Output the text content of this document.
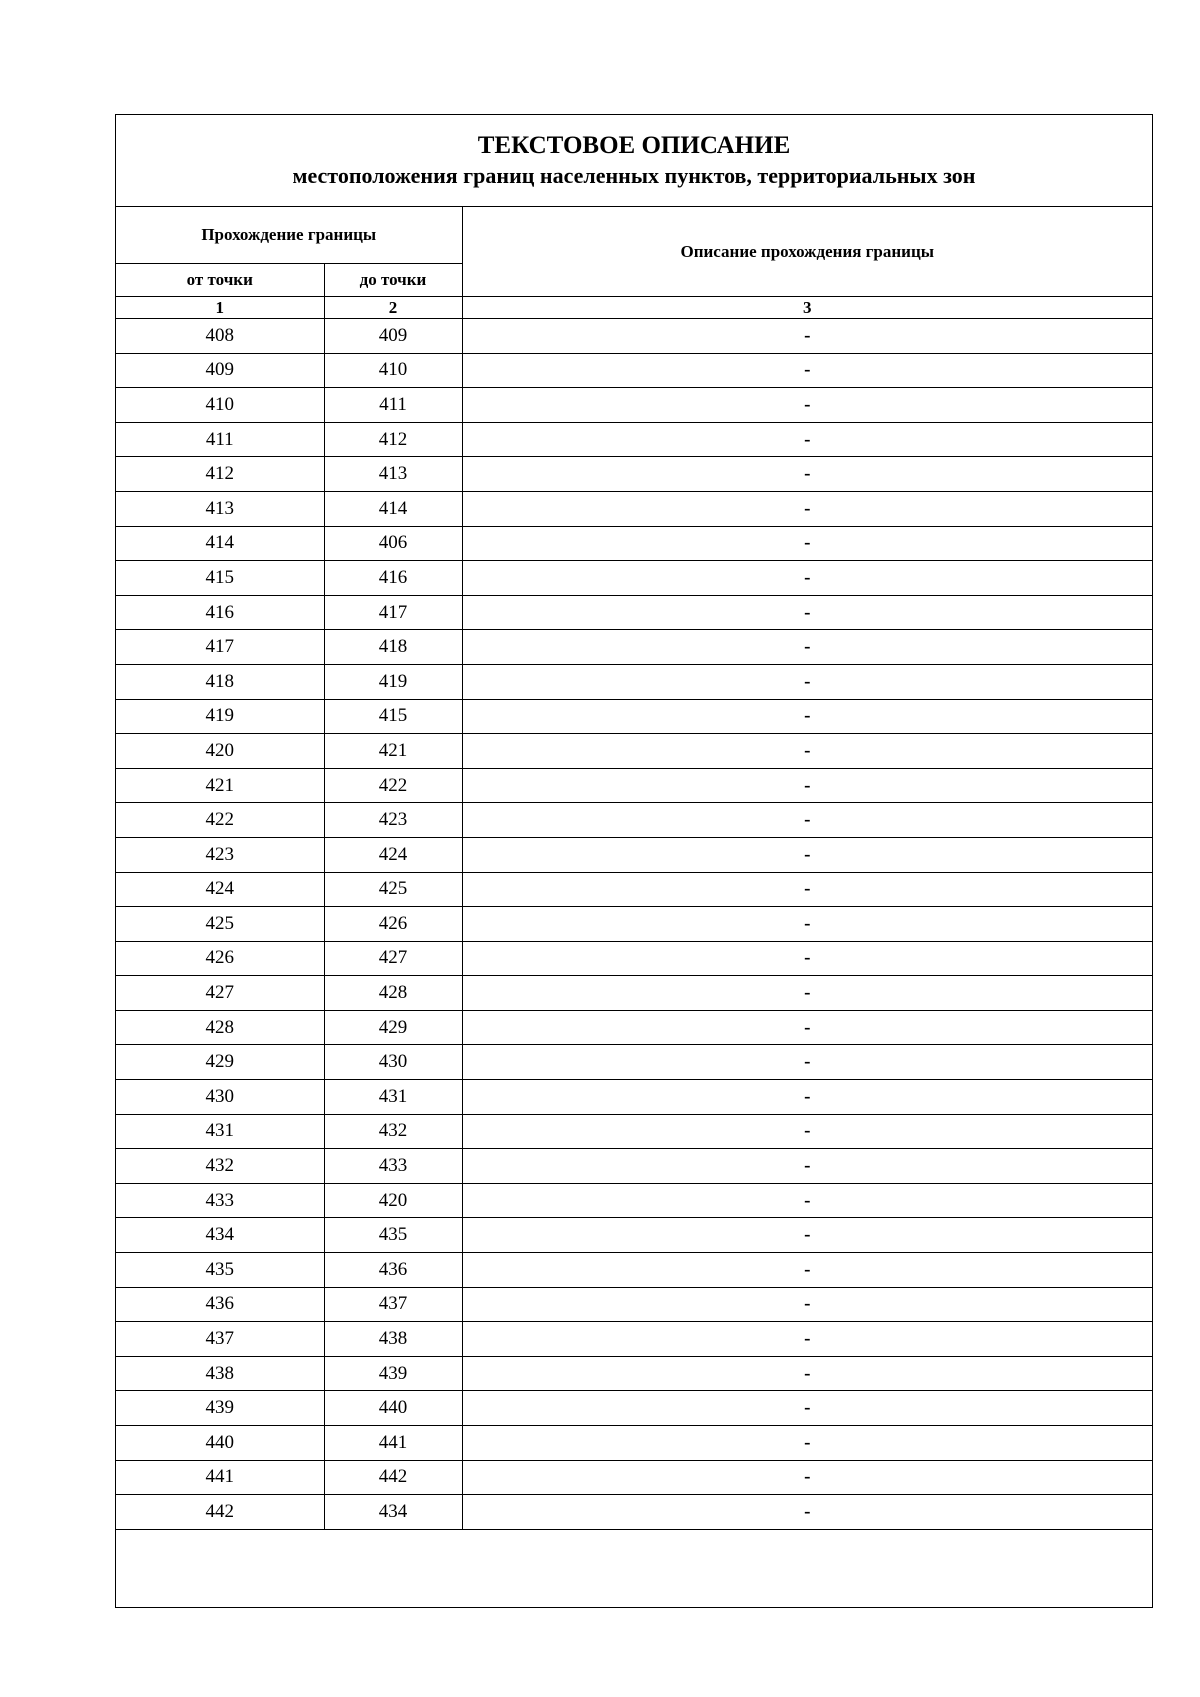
ТЕКСТОВОЕ ОПИСАНИЕ
местоположения границ населенных пунктов, территориальных зон
Прохождение границы		Описание прохождения границы
от точки	до точки	
1	2	3
408	409	-
409	410	-
410	411	-
411	412	-
412	413	-
413	414	-
414	406	-
415	416	-
416	417	-
417	418	-
418	419	-
419	415	-
420	421	-
421	422	-
422	423	-
423	424	-
424	425	-
425	426	-
426	427	-
427	428	-
428	429	-
429	430	-
430	431	-
431	432	-
432	433	-
433	420	-
434	435	-
435	436	-
436	437	-
437	438	-
438	439	-
439	440	-
440	441	-
441	442	-
442	434	-
